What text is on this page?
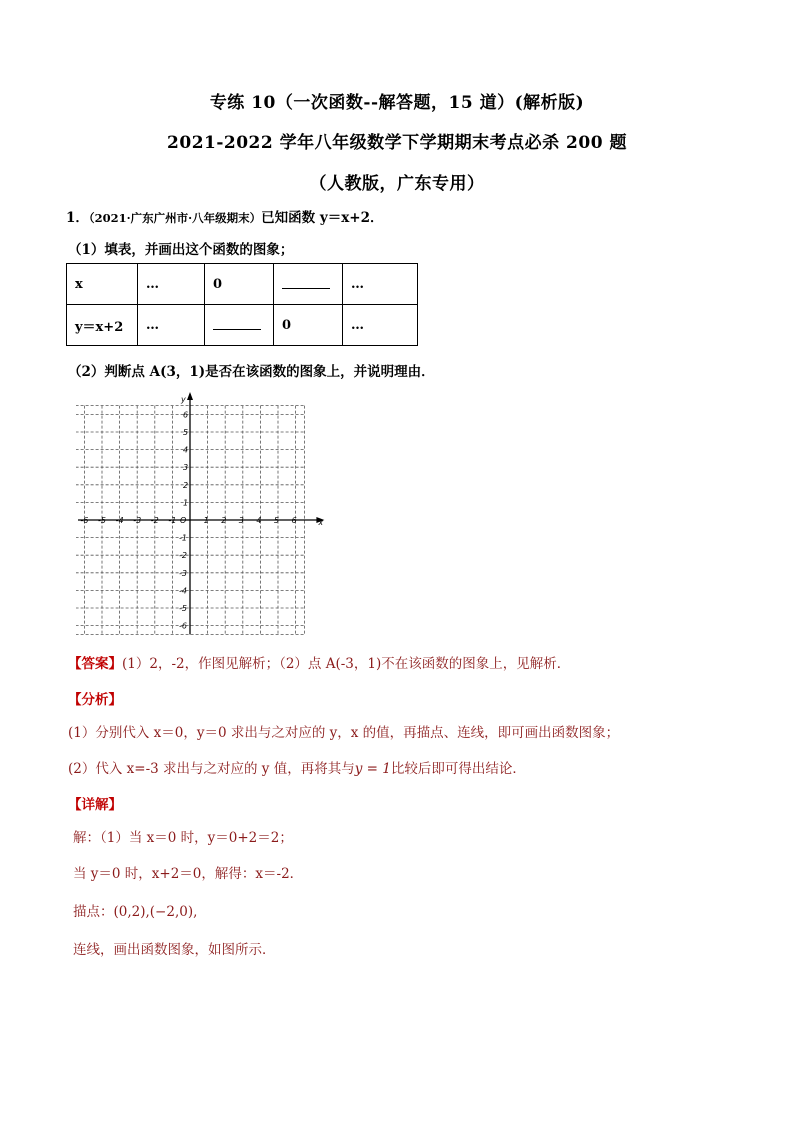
专练 10（一次函数--解答题，15 道）(解析版)
2021-2022 学年八年级数学下学期期末考点必杀 200 题
（人教版，广东专用）
1．（2021·广东广州市·八年级期末）已知函数 y＝x+2．
（1）填表，并画出这个函数的图象；
x	…	0		…
y＝x+2	…		0	…
（2）判断点 A(3，1)是否在该函数的图象上，并说明理由．
-6 -5 -4 -3 -2 -1 O 1 2 3 4 5 6
6
5
4
3
2
1
-1
-2
-3
-4
-5
-6
x
y
【答案】(1）2，-2，作图见解析；（2）点 A(-3，1)不在该函数的图象上，见解析．
【分析】
(1）分别代入 x＝0，y＝0 求出与之对应的 y，x 的值，再描点、连线，即可画出函数图象；
(2）代入 x=-3 求出与之对应的 y 值，再将其与y = 1比较后即可得出结论．
【详解】
解：（1）当 x＝0 时，y＝0+2＝2；
当 y＝0 时，x+2＝0，解得：x＝-2．
描点：(0,2),(−2,0),
连线，画出函数图象，如图所示．
